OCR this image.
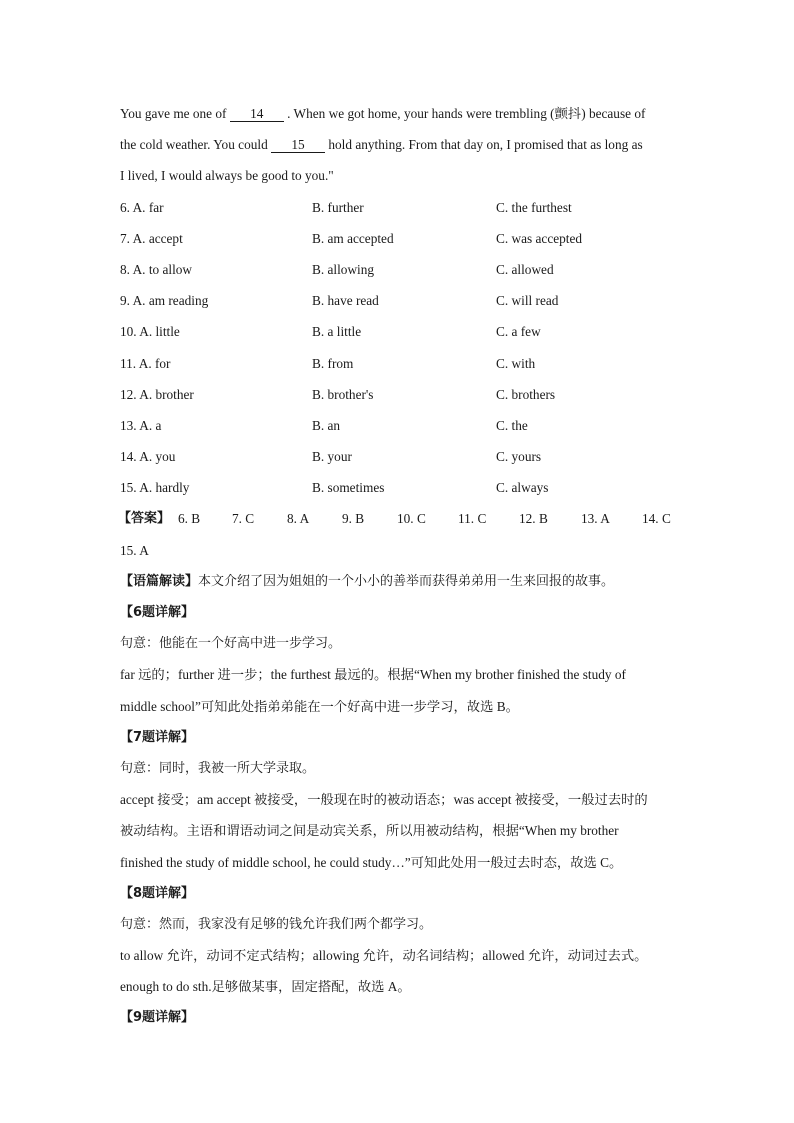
You gave me one of 14 . When we got home, your hands were trembling (颤抖) because of
the cold weather. You could 15 hold anything. From that day on, I promised that as long as
I lived, I would always be good to you."
6. A. far	B. further	C. the furthest
7. A. accept	B. am accepted	C. was accepted
8. A. to allow	B. allowing	C. allowed
9. A. am reading	B. have read	C. will read
10. A. little	B. a little	C. a few
11. A. for	B. from	C. with
12. A. brother	B. brother's	C. brothers
13. A. a	B. an	C. the
14. A. you	B. your	C. yours
15. A. hardly	B. sometimes	C. always
【答案】 6. B 7. C 8. A 9. B 10. C 11. C 12. B 13. A 14. C
15. A
【语篇解读】本文介绍了因为姐姐的一个小小的善举而获得弟弟用一生来回报的故事。
【6题详解】
句意：他能在一个好高中进一步学习。
far 远的；further 进一步；the furthest 最远的。根据“When my brother finished the study of
middle school”可知此处指弟弟能在一个好高中进一步学习，故选 B。
【7题详解】
句意：同时，我被一所大学录取。
accept 接受；am accept 被接受，一般现在时的被动语态；was accept 被接受，一般过去时的
被动结构。主语和谓语动词之间是动宾关系，所以用被动结构，根据“When my brother
finished the study of middle school, he could study…”可知此处用一般过去时态，故选 C。
【8题详解】
句意：然而，我家没有足够的钱允许我们两个都学习。
to allow 允许，动词不定式结构；allowing 允许，动名词结构；allowed 允许，动词过去式。
enough to do sth.足够做某事，固定搭配，故选 A。
【9题详解】
